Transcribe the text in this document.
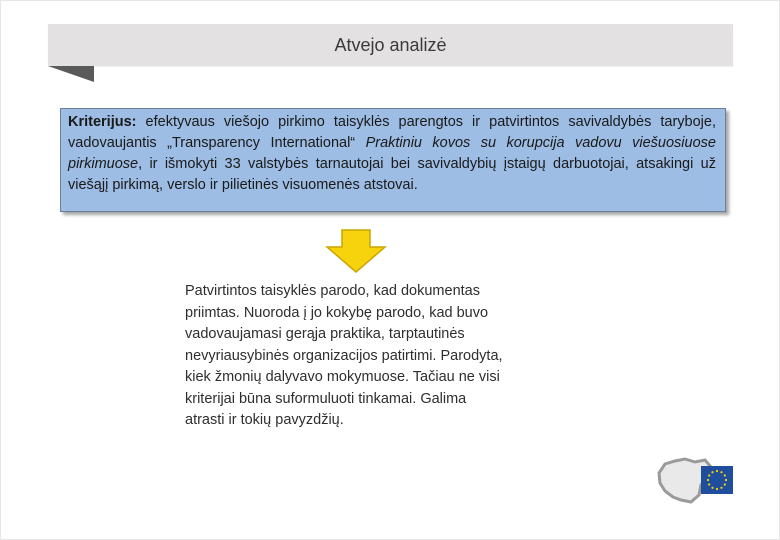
Atvejo analizė
Kriterijus: efektyvaus viešojo pirkimo taisyklės parengtos ir patvirtintos savivaldybės taryboje, vadovaujantis „Transparency International“ Praktiniu kovos su korupcija vadovu viešuosiuose pirkimuose, ir išmokyti 33 valstybės tarnautojai bei savivaldybių įstaigų darbuotojai, atsakingi už viešąjį pirkimą, verslo ir pilietinės visuomenės atstovai.
Patvirtintos taisyklės parodo, kad dokumentas
priimtas. Nuoroda į jo kokybę parodo, kad buvo
vadovaujamasi gerąja praktika, tarptautinės
nevyriausybinės organizacijos patirtimi. Parodyta,
kiek žmonių dalyvavo mokymuose. Tačiau ne visi
kriterijai būna suformuluoti tinkamai. Galima
atrasti ir tokių pavyzdžių.
